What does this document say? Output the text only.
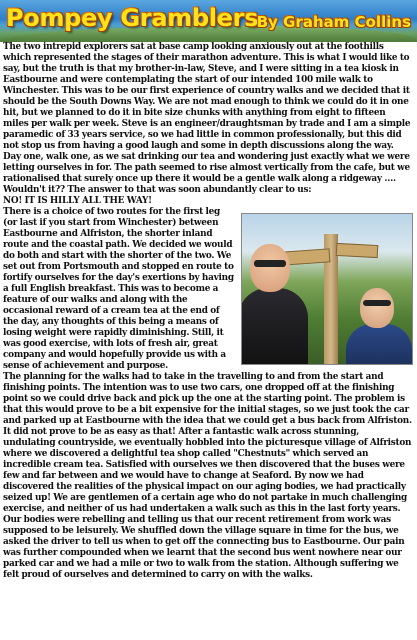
Pompey Gramblers
By Graham Collins

The two intrepid explorers sat at base camp looking anxiously out at the foothills which represented the stages of their marathon adventure. This is what I would like to say, but the truth is that my brother-in-law, Steve, and I were sitting in a tea kiosk in Eastbourne and were contemplating the start of our intended 100 mile walk to Winchester. This was to be our first experience of country walks and we decided that it should be the South Downs Way. We are not mad enough to think we could do it in one hit, but we planned to do it in bite size chunks with anything from eight to fifteen miles per walk per week. Steve is an engineer/draughtsman by trade and I am a simple paramedic of 33 years service, so we had little in common professionally, but this did not stop us from having a good laugh and some in depth discussions along the way.

Day one, walk one, as we sat drinking our tea and wondering just exactly what we were letting ourselves in for. The path seemed to rise almost vertically from the cafe, but we rationalised that surely once up there it would be a gentle walk along a ridgeway …. Wouldn't it?? The answer to that was soon abundantly clear to us:

NO! IT IS HILLY ALL THE WAY!

There is a choice of two routes for the first leg (or last if you start from Winchester) between Eastbourne and Alfriston, the shorter inland route and the coastal path. We decided we would do both and start with the shorter of the two. We set out from Portsmouth and stopped en route to fortify ourselves for the day's exertions by having a full English breakfast. This was to become a feature of our walks and along with the occasional reward of a cream tea at the end of the day, any thoughts of this being a means of losing weight were rapidly diminishing. Still, it was good exercise, with lots of fresh air, great company and would hopefully provide us with a sense of achievement and purpose.

The planning for the walks had to take in the travelling to and from the start and finishing points. The intention was to use two cars, one dropped off at the finishing point so we could drive back and pick up the one at the starting point. The problem is that this would prove to be a bit expensive for the initial stages, so we just took the car and parked up at Eastbourne with the idea that we could get a bus back from Alfriston. It did not prove to be as easy as that! After a fantastic walk across stunning, undulating countryside, we eventually hobbled into the picturesque village of Alfriston where we discovered a delightful tea shop called "Chestnuts" which served an incredible cream tea. Satisfied with ourselves we then discovered that the buses were few and far between and we would have to change at Seaford. By now we had discovered the realities of the physical impact on our aging bodies, we had practically seized up! We are gentlemen of a certain age who do not partake in much challenging exercise, and neither of us had undertaken a walk such as this in the last forty years. Our bodies were rebelling and telling us that our recent retirement from work was supposed to be leisurely. We shuffled down the village square in time for the bus, we asked the driver to tell us when to get off the connecting bus to Eastbourne. Our pain was further compounded when we learnt that the second bus went nowhere near our parked car and we had a mile or two to walk from the station. Although suffering we felt proud of ourselves and determined to carry on with the walks.
